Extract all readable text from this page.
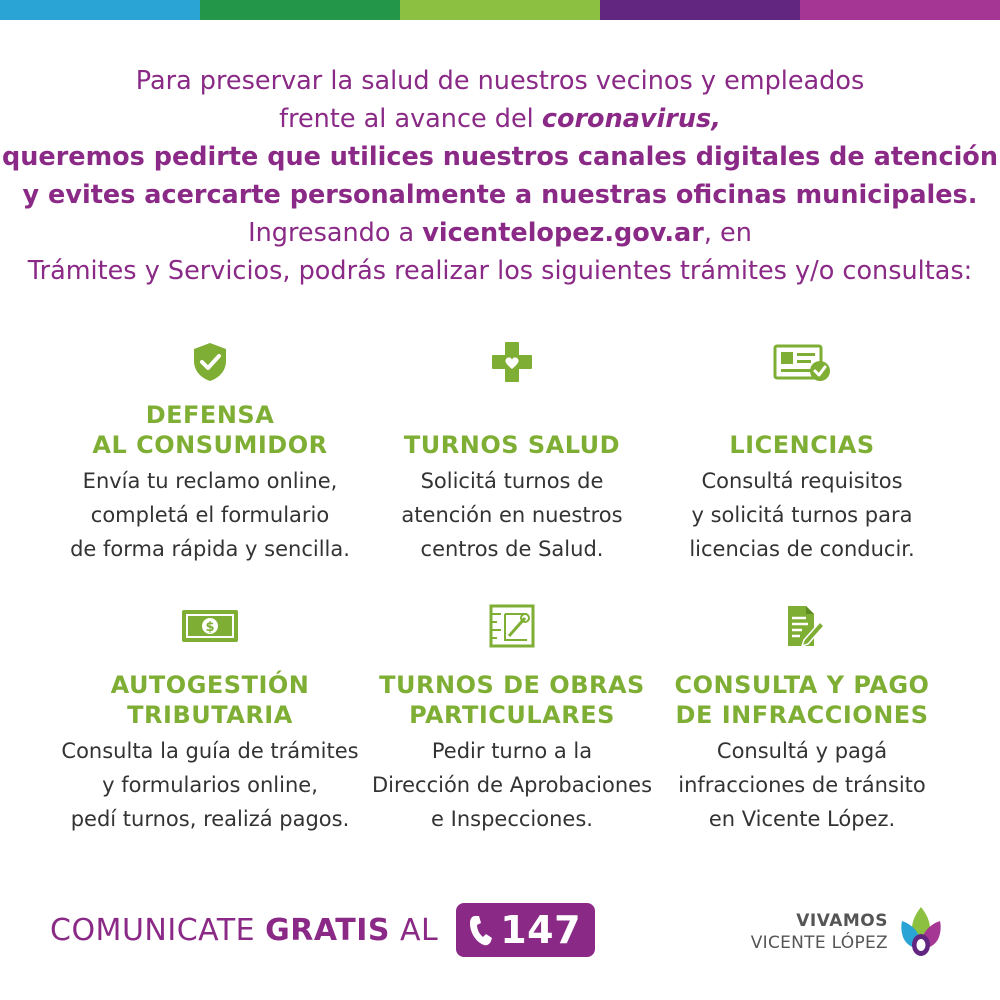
Para preservar la salud de nuestros vecinos y empleados
frente al avance del coronavirus,
queremos pedirte que utilices nuestros canales digitales de atención
y evites acercarte personalmente a nuestras oficinas municipales.
Ingresando a vicentelopez.gov.ar, en
Trámites y Servicios, podrás realizar los siguientes trámites y/o consultas:
DEFENSA
AL CONSUMIDOR
Envía tu reclamo online,
completá el formulario
de forma rápida y sencilla.
TURNOS SALUD
Solicitá turnos de
atención en nuestros
centros de Salud.
LICENCIAS
Consultá requisitos
y solicitá turnos para
licencias de conducir.
$
AUTOGESTIÓN
TRIBUTARIA
Consulta la guía de trámites
y formularios online,
pedí turnos, realizá pagos.
TURNOS DE OBRAS
PARTICULARES
Pedir turno a la
Dirección de Aprobaciones
e Inspecciones.
CONSULTA Y PAGO
DE INFRACCIONES
Consultá y pagá
infracciones de tránsito
en Vicente López.
COMUNICATE GRATIS AL 147	VIVAMOS
VICENTE LÓPEZ
